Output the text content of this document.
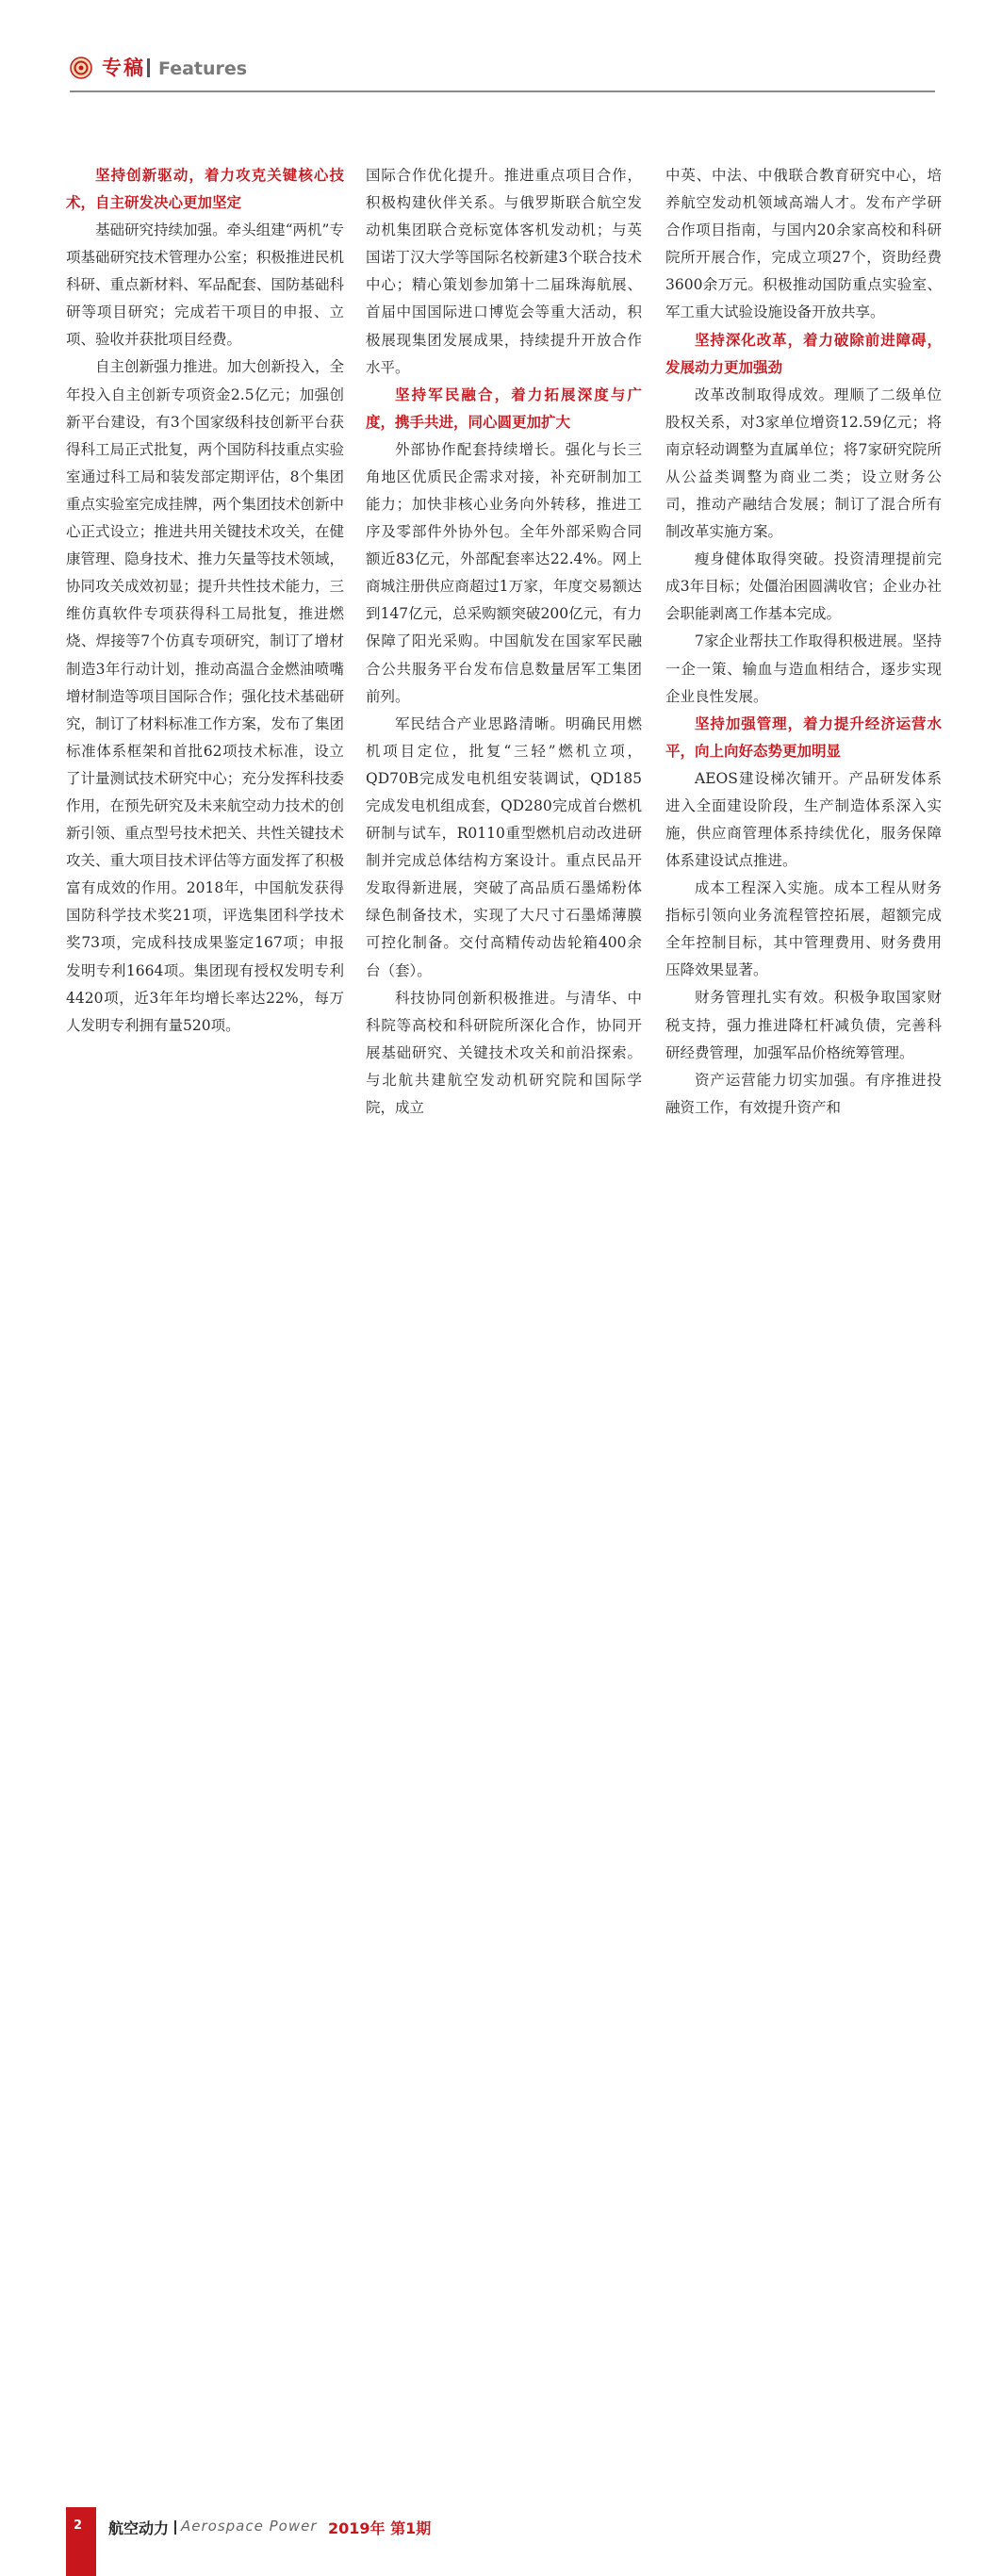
专稿 Features
坚持创新驱动，着力攻克关键核心技术，自主研发决心更加坚定
基础研究持续加强。牵头组建“两机”专项基础研究技术管理办公室；积极推进民机科研、重点新材料、军品配套、国防基础科研等项目研究；完成若干项目的申报、立项、验收并获批项目经费。
自主创新强力推进。加大创新投入，全年投入自主创新专项资金2.5亿元；加强创新平台建设，有3个国家级科技创新平台获得科工局正式批复，两个国防科技重点实验室通过科工局和装发部定期评估，8个集团重点实验室完成挂牌，两个集团技术创新中心正式设立；推进共用关键技术攻关，在健康管理、隐身技术、推力矢量等技术领域，协同攻关成效初显；提升共性技术能力，三维仿真软件专项获得科工局批复，推进燃烧、焊接等7个仿真专项研究，制订了增材制造3年行动计划，推动高温合金燃油喷嘴增材制造等项目国际合作；强化技术基础研究，制订了材料标准工作方案，发布了集团标准体系框架和首批62项技术标准，设立了计量测试技术研究中心；充分发挥科技委作用，在预先研究及未来航空动力技术的创新引领、重点型号技术把关、共性关键技术攻关、重大项目技术评估等方面发挥了积极富有成效的作用。2018年，中国航发获得国防科学技术奖21项，评选集团科学技术奖73项，完成科技成果鉴定167项；申报发明专利1664项。集团现有授权发明专利4420项，近3年年均增长率达22%，每万人发明专利拥有量520项。
国际合作优化提升。推进重点项目合作，积极构建伙伴关系。与俄罗斯联合航空发动机集团联合竞标宽体客机发动机；与英国诺丁汉大学等国际名校新建3个联合技术中心；精心策划参加第十二届珠海航展、首届中国国际进口博览会等重大活动，积极展现集团发展成果，持续提升开放合作水平。
坚持军民融合，着力拓展深度与广度，携手共进，同心圆更加扩大
外部协作配套持续增长。强化与长三角地区优质民企需求对接，补充研制加工能力；加快非核心业务向外转移，推进工序及零部件外协外包。全年外部采购合同额近83亿元，外部配套率达22.4%。网上商城注册供应商超过1万家，年度交易额达到147亿元，总采购额突破200亿元，有力保障了阳光采购。中国航发在国家军民融合公共服务平台发布信息数量居军工集团前列。
军民结合产业思路清晰。明确民用燃机项目定位，批复“三轻”燃机立项，QD70B完成发电机组安装调试，QD185完成发电机组成套，QD280完成首台燃机研制与试车，R0110重型燃机启动改进研制并完成总体结构方案设计。重点民品开发取得新进展，突破了高品质石墨烯粉体绿色制备技术，实现了大尺寸石墨烯薄膜可控化制备。交付高精传动齿轮箱400余台（套）。
科技协同创新积极推进。与清华、中科院等高校和科研院所深化合作，协同开展基础研究、关键技术攻关和前沿探索。与北航共建航空发动机研究院和国际学院，成立
中英、中法、中俄联合教育研究中心，培养航空发动机领域高端人才。发布产学研合作项目指南，与国内20余家高校和科研院所开展合作，完成立项27个，资助经费3600余万元。积极推动国防重点实验室、军工重大试验设施设备开放共享。
坚持深化改革，着力破除前进障碍，发展动力更加强劲
改革改制取得成效。理顺了二级单位股权关系，对3家单位增资12.59亿元；将南京轻动调整为直属单位；将7家研究院所从公益类调整为商业二类；设立财务公司，推动产融结合发展；制订了混合所有制改革实施方案。
瘦身健体取得突破。投资清理提前完成3年目标；处僵治困圆满收官；企业办社会职能剥离工作基本完成。
7家企业帮扶工作取得积极进展。坚持一企一策、输血与造血相结合，逐步实现企业良性发展。
坚持加强管理，着力提升经济运营水平，向上向好态势更加明显
AEOS建设梯次铺开。产品研发体系进入全面建设阶段，生产制造体系深入实施，供应商管理体系持续优化，服务保障体系建设试点推进。
成本工程深入实施。成本工程从财务指标引领向业务流程管控拓展，超额完成全年控制目标，其中管理费用、财务费用压降效果显著。
财务管理扎实有效。积极争取国家财税支持，强力推进降杠杆减负债，完善科研经费管理，加强军品价格统筹管理。
资产运营能力切实加强。有序推进投融资工作，有效提升资产和
2 航空动力 Aerospace Power 2019年 第1期
